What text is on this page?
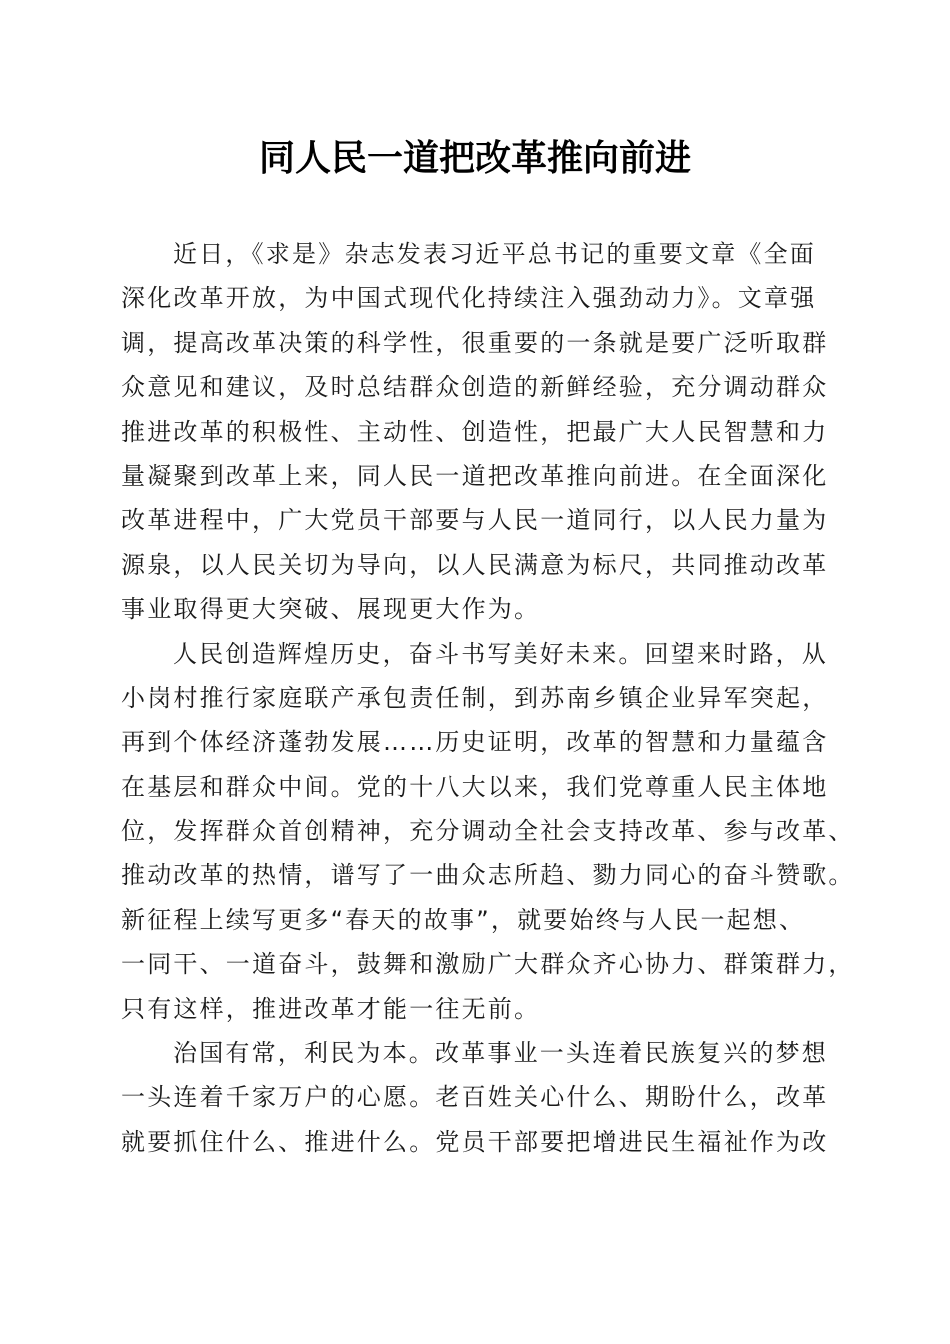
同人民一道把改革推向前进

近日，《求是》杂志发表习近平总书记的重要文章《全面
深化改革开放，为中国式现代化持续注入强劲动力》。文章强
调，提高改革决策的科学性，很重要的一条就是要广泛听取群
众意见和建议，及时总结群众创造的新鲜经验，充分调动群众
推进改革的积极性、主动性、创造性，把最广大人民智慧和力
量凝聚到改革上来，同人民一道把改革推向前进。在全面深化
改革进程中，广大党员干部要与人民一道同行，以人民力量为
源泉，以人民关切为导向，以人民满意为标尺，共同推动改革
事业取得更大突破、展现更大作为。

人民创造辉煌历史，奋斗书写美好未来。回望来时路，从
小岗村推行家庭联产承包责任制，到苏南乡镇企业异军突起，
再到个体经济蓬勃发展……历史证明，改革的智慧和力量蕴含
在基层和群众中间。党的十八大以来，我们党尊重人民主体地
位，发挥群众首创精神，充分调动全社会支持改革、参与改革、
推动改革的热情，谱写了一曲众志所趋、勠力同心的奋斗赞歌。
新征程上续写更多“春天的故事”，就要始终与人民一起想、
一同干、一道奋斗，鼓舞和激励广大群众齐心协力、群策群力，
只有这样，推进改革才能一往无前。

治国有常，利民为本。改革事业一头连着民族复兴的梦想
一头连着千家万户的心愿。老百姓关心什么、期盼什么，改革
就要抓住什么、推进什么。党员干部要把增进民生福祉作为改
